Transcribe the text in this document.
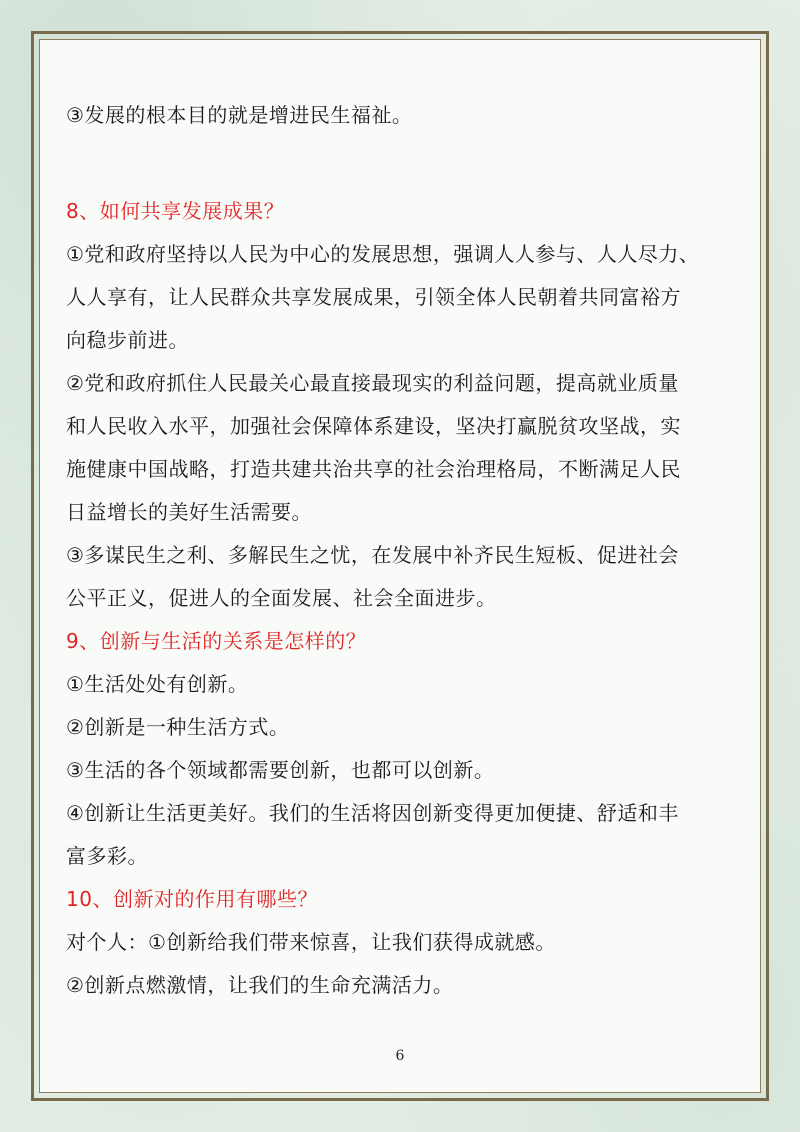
③发展的根本目的就是增进民生福祉。
8、如何共享发展成果？
①党和政府坚持以人民为中心的发展思想，强调人人参与、人人尽力、
人人享有，让人民群众共享发展成果，引领全体人民朝着共同富裕方
向稳步前进。
②党和政府抓住人民最关心最直接最现实的利益问题，提高就业质量
和人民收入水平，加强社会保障体系建设，坚决打赢脱贫攻坚战，实
施健康中国战略，打造共建共治共享的社会治理格局，不断满足人民
日益增长的美好生活需要。
③多谋民生之利、多解民生之忧，在发展中补齐民生短板、促进社会
公平正义，促进人的全面发展、社会全面进步。
9、创新与生活的关系是怎样的？
①生活处处有创新。
②创新是一种生活方式。
③生活的各个领域都需要创新，也都可以创新。
④创新让生活更美好。我们的生活将因创新变得更加便捷、舒适和丰
富多彩。
10、创新对的作用有哪些？
对个人：①创新给我们带来惊喜，让我们获得成就感。
②创新点燃激情，让我们的生命充满活力。
6
